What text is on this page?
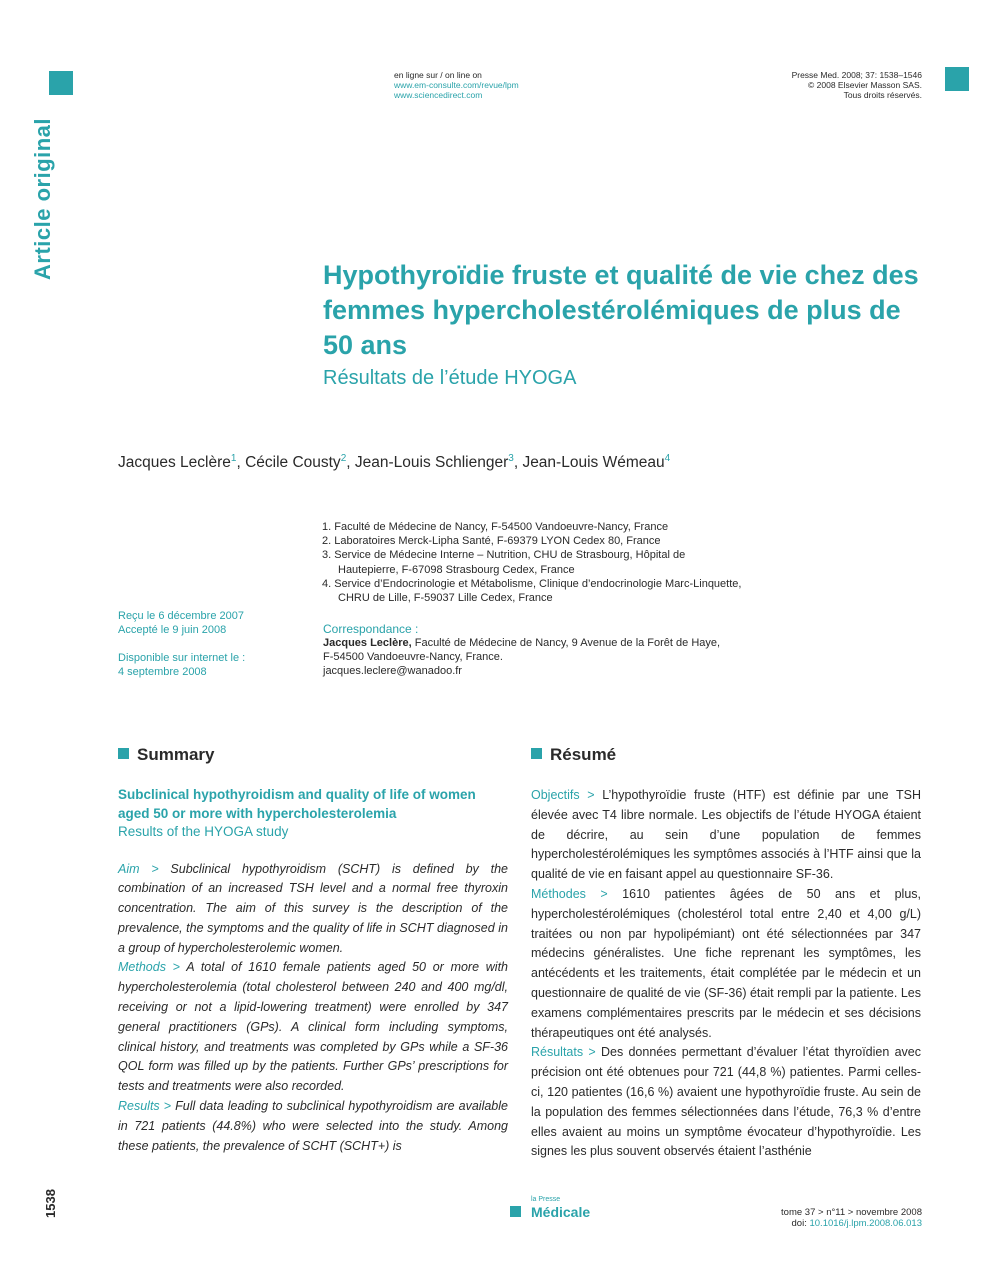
Article original
en ligne sur / on line on
www.em-consulte.com/revue/lpm
www.sciencedirect.com
Presse Med. 2008; 37: 1538–1546
© 2008 Elsevier Masson SAS.
Tous droits réservés.
Hypothyroïdie fruste et qualité de vie chez des femmes hypercholestérolémiques de plus de 50 ans
Résultats de l’étude HYOGA
Jacques Leclère$^1$, Cécile Cousty$^2$, Jean-Louis Schlienger$^3$, Jean-Louis Wémeau$^4$
1. Faculté de Médecine de Nancy, F-54500 Vandoeuvre-Nancy, France
2. Laboratoires Merck-Lipha Santé, F-69379 LYON Cedex 80, France
3. Service de Médecine Interne – Nutrition, CHU de Strasbourg, Hôpital de Hautepierre, F-67098 Strasbourg Cedex, France
4. Service d’Endocrinologie et Métabolisme, Clinique d’endocrinologie Marc-Linquette, CHRU de Lille, F-59037 Lille Cedex, France
Reçu le 6 décembre 2007
Accepté le 9 juin 2008
Disponible sur internet le :
4 septembre 2008
Correspondance :
Jacques Leclère, Faculté de Médecine de Nancy, 9 Avenue de la Forêt de Haye,
F-54500 Vandoeuvre-Nancy, France.
jacques.leclere@wanadoo.fr
Summary	Résumé

Subclinical hypothyroidism and quality of life of women aged 50 or more with hypercholesterolemia
Results of the HYOGA study

Aim > Subclinical hypothyroidism (SCHT) is defined by the combination of an increased TSH level and a normal free thyroxin concentration. The aim of this survey is the description of the prevalence, the symptoms and the quality of life in SCHT diagnosed in a group of hypercholesterolemic women.

Methods > A total of 1610 female patients aged 50 or more with hypercholesterolemia (total cholesterol between 240 and 400 mg/dl, receiving or not a lipid-lowering treatment) were enrolled by 347 general practitioners (GPs). A clinical form including symptoms, clinical history, and treatments was completed by GPs while a SF-36 QOL form was filled up by the patients. Further GPs’ prescriptions for tests and treatments were also recorded.

Results > Full data leading to subclinical hypothyroidism are available in 721 patients (44.8%) who were selected into the study. Among these patients, the prevalence of SCHT (SCHT+) is

Objectifs > L’hypothyroïdie fruste (HTF) est définie par une TSH élevée avec T4 libre normale. Les objectifs de l’étude HYOGA étaient de décrire, au sein d’une population de femmes hypercholestérolémiques les symptômes associés à l’HTF ainsi que la qualité de vie en faisant appel au questionnaire SF-36.

Méthodes > 1610 patientes âgées de 50 ans et plus, hypercholestérolémiques (cholestérol total entre 2,40 et 4,00 g/L) traitées ou non par hypolipémiant) ont été sélectionnées par 347 médecins généralistes. Une fiche reprenant les symptômes, les antécédents et les traitements, était complétée par le médecin et un questionnaire de qualité de vie (SF-36) était rempli par la patiente. Les examens complémentaires prescrits par le médecin et ses décisions thérapeutiques ont été analysés.

Résultats > Des données permettant d’évaluer l’état thyroïdien avec précision ont été obtenues pour 721 (44,8 %) patientes. Parmi celles-ci, 120 patientes (16,6 %) avaient une hypothyroïdie fruste. Au sein de la population des femmes sélectionnées dans l’étude, 76,3 % d’entre elles avaient au moins un symptôme évocateur d’hypothyroïdie. Les signes les plus souvent observés étaient l’asthénie

1538	la Presse
Médicale	tome 37 > n°11 > novembre 2008
doi: 10.1016/j.lpm.2008.06.013
